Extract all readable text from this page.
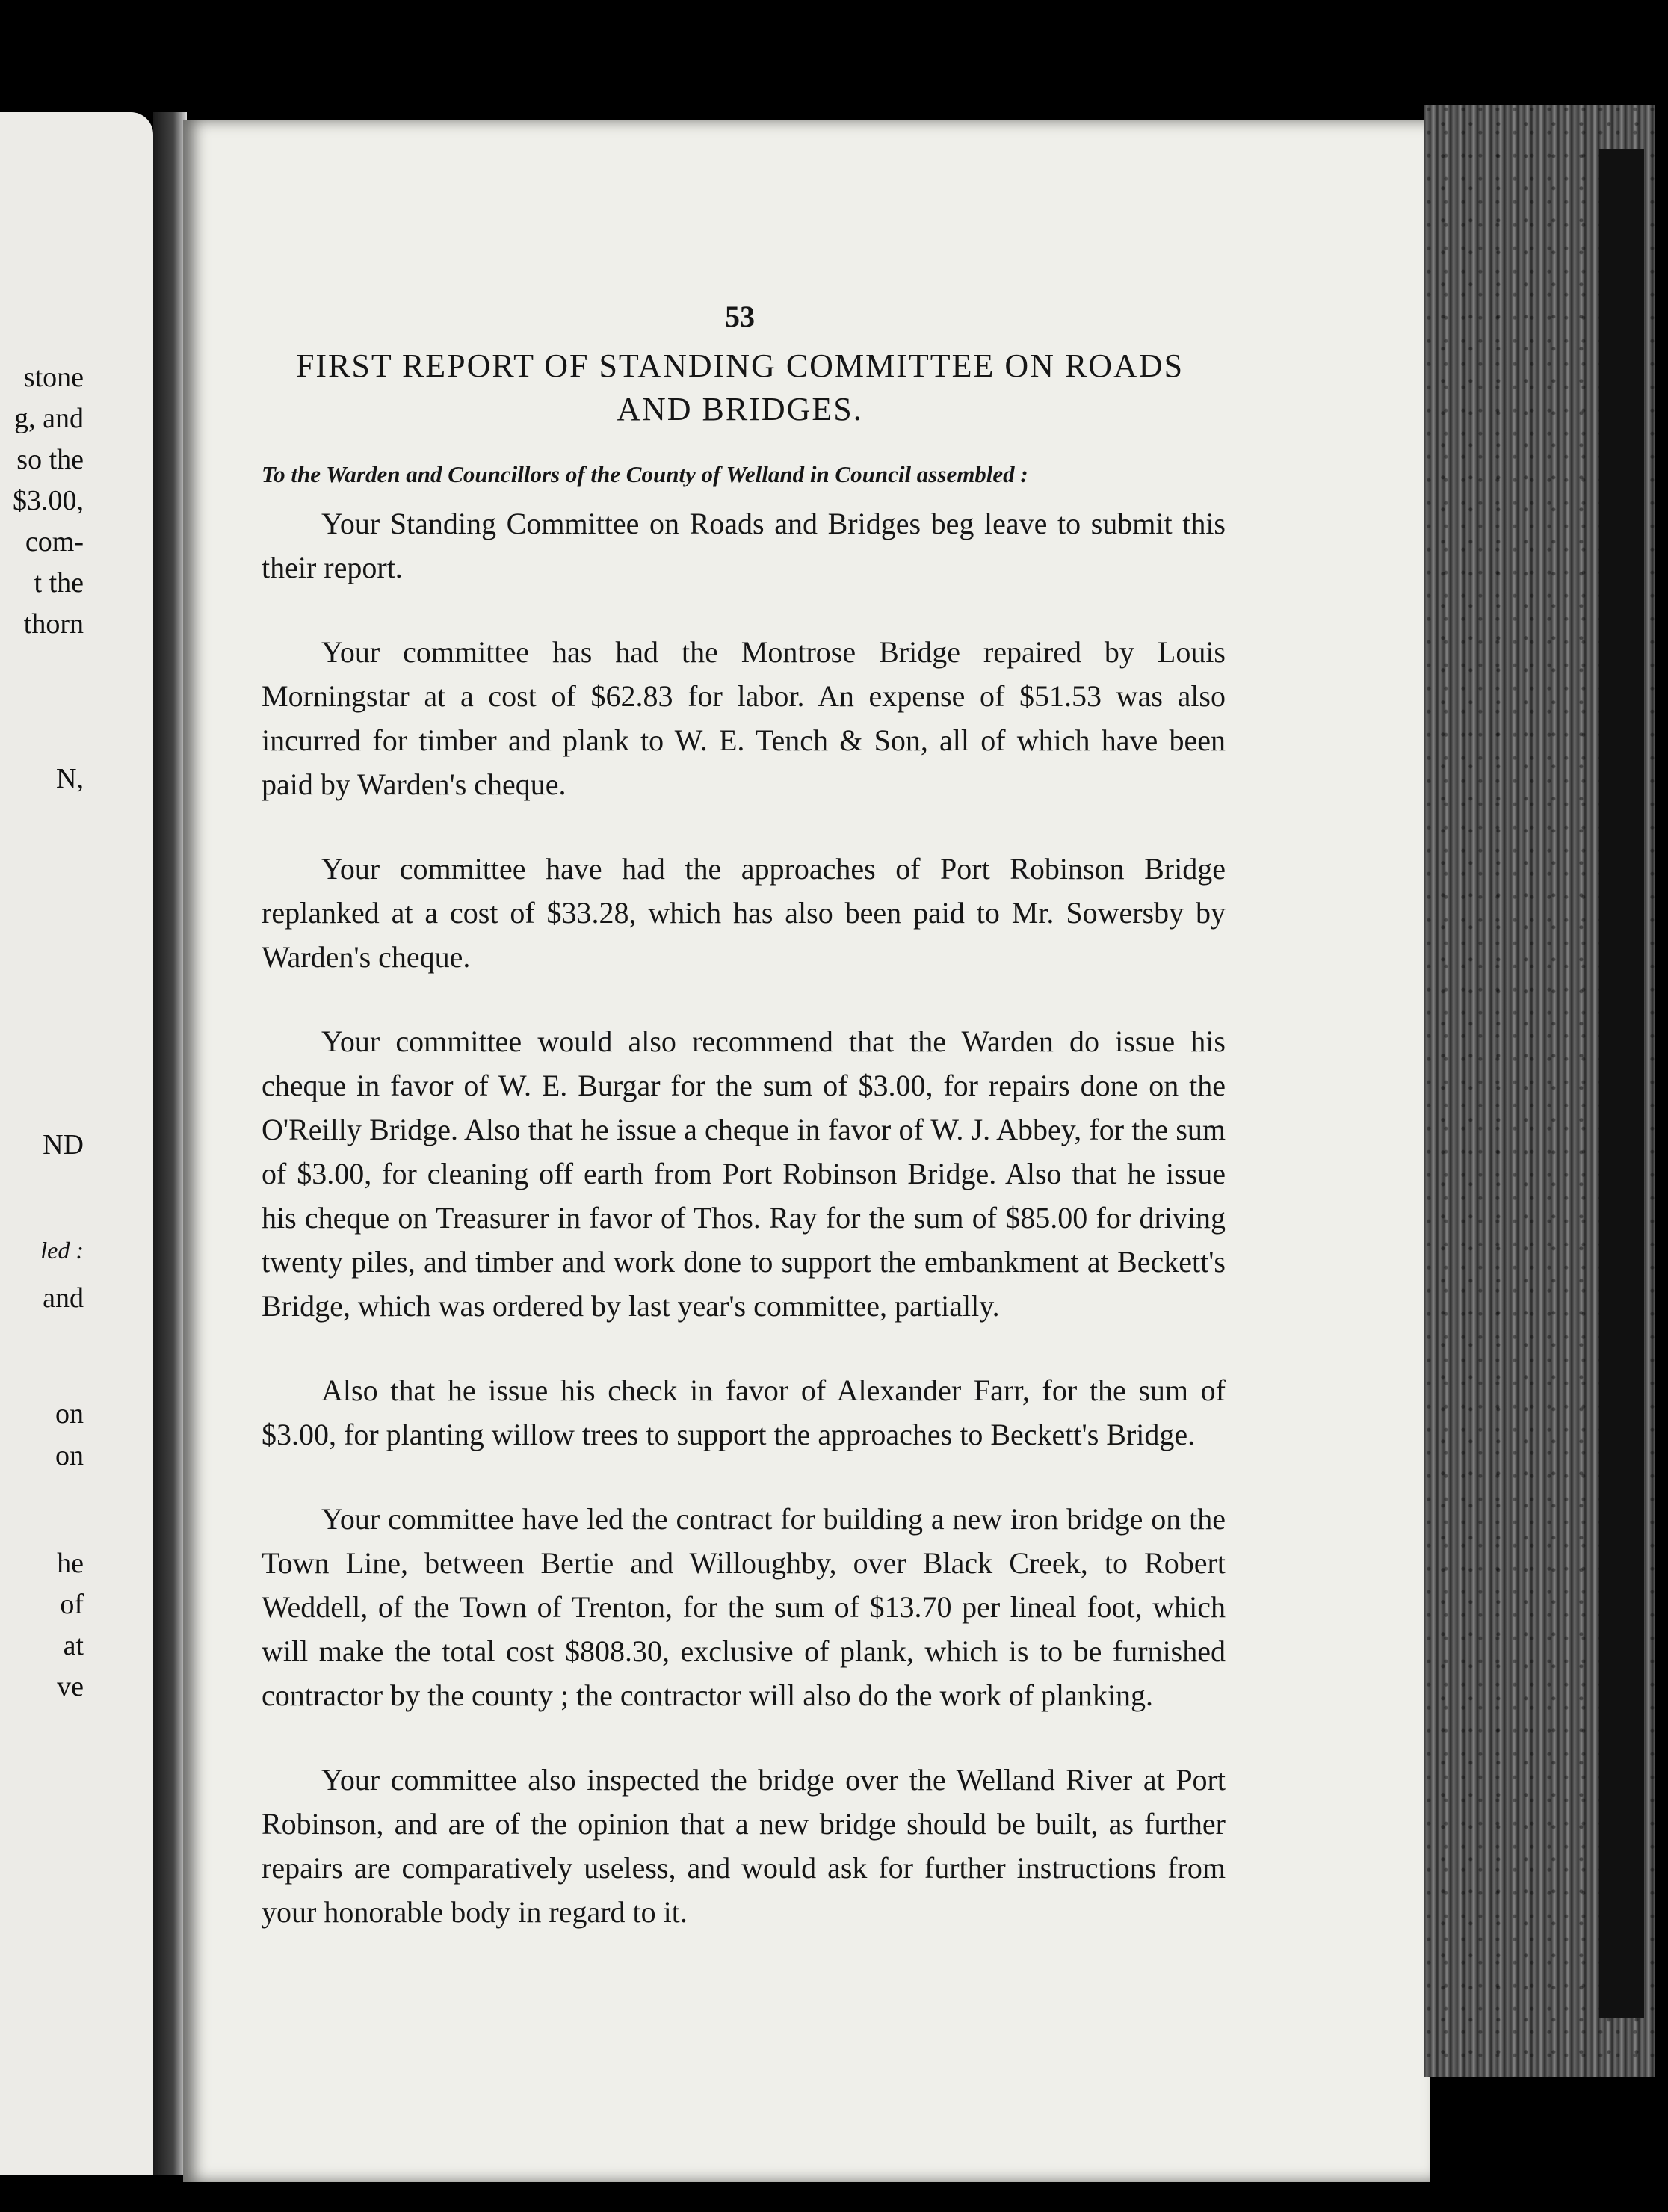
stone
g, and
so the
$3.00,
com-
t the
thorn
N,
ND
led :
and
on
on
he
of
at
ve
53
FIRST REPORT OF STANDING COMMITTEE ON ROADS
AND BRIDGES.
To the Warden and Councillors of the County of Welland in Council assembled :

Your Standing Committee on Roads and Bridges beg leave to submit this their report.

Your committee has had the Montrose Bridge repaired by Louis Morningstar at a cost of $62.83 for labor. An expense of $51.53 was also incurred for timber and plank to W. E. Tench & Son, all of which have been paid by Warden's cheque.

Your committee have had the approaches of Port Robinson Bridge replanked at a cost of $33.28, which has also been paid to Mr. Sowersby by Warden's cheque.

Your committee would also recommend that the Warden do issue his cheque in favor of W. E. Burgar for the sum of $3.00, for repairs done on the O'Reilly Bridge. Also that he issue a cheque in favor of W. J. Abbey, for the sum of $3.00, for cleaning off earth from Port Robinson Bridge. Also that he issue his cheque on Treasurer in favor of Thos. Ray for the sum of $85.00 for driving twenty piles, and timber and work done to support the embankment at Beckett's Bridge, which was ordered by last year's committee, partially.

Also that he issue his check in favor of Alexander Farr, for the sum of $3.00, for planting willow trees to support the approaches to Beckett's Bridge.

Your committee have led the contract for building a new iron bridge on the Town Line, between Bertie and Willoughby, over Black Creek, to Robert Weddell, of the Town of Trenton, for the sum of $13.70 per lineal foot, which will make the total cost $808.30, exclusive of plank, which is to be furnished contractor by the county ; the contractor will also do the work of planking.

Your committee also inspected the bridge over the Welland River at Port Robinson, and are of the opinion that a new bridge should be built, as further repairs are comparatively useless, and would ask for further instructions from your honorable body in regard to it.
